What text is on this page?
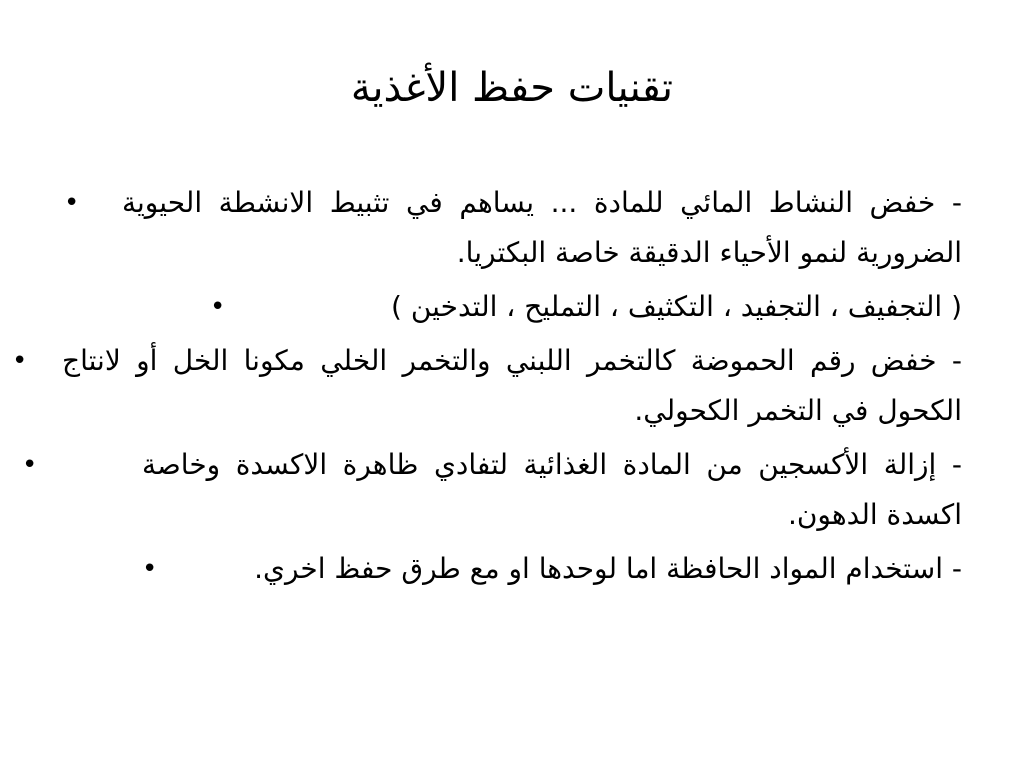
تقنيات حفظ الأغذية
• - خفض النشاط المائي للمادة ... يساهم في تثبيط الانشطة الحيوية الضرورية لنمو الأحياء الدقيقة خاصة البكتريا.
•	( التجفيف ، التجفيد ، التكثيف ، التمليح ، التدخين )
• - خفض رقم الحموضة كالتخمر اللبني والتخمر الخلي مكونا الخل أو لانتاج الكحول في التخمر الكحولي.
•	- إزالة الأكسجين من المادة الغذائية لتفادي ظاهرة الاكسدة وخاصة اكسدة الدهون.
•	- استخدام المواد الحافظة اما لوحدها او مع طرق حفظ اخري.
